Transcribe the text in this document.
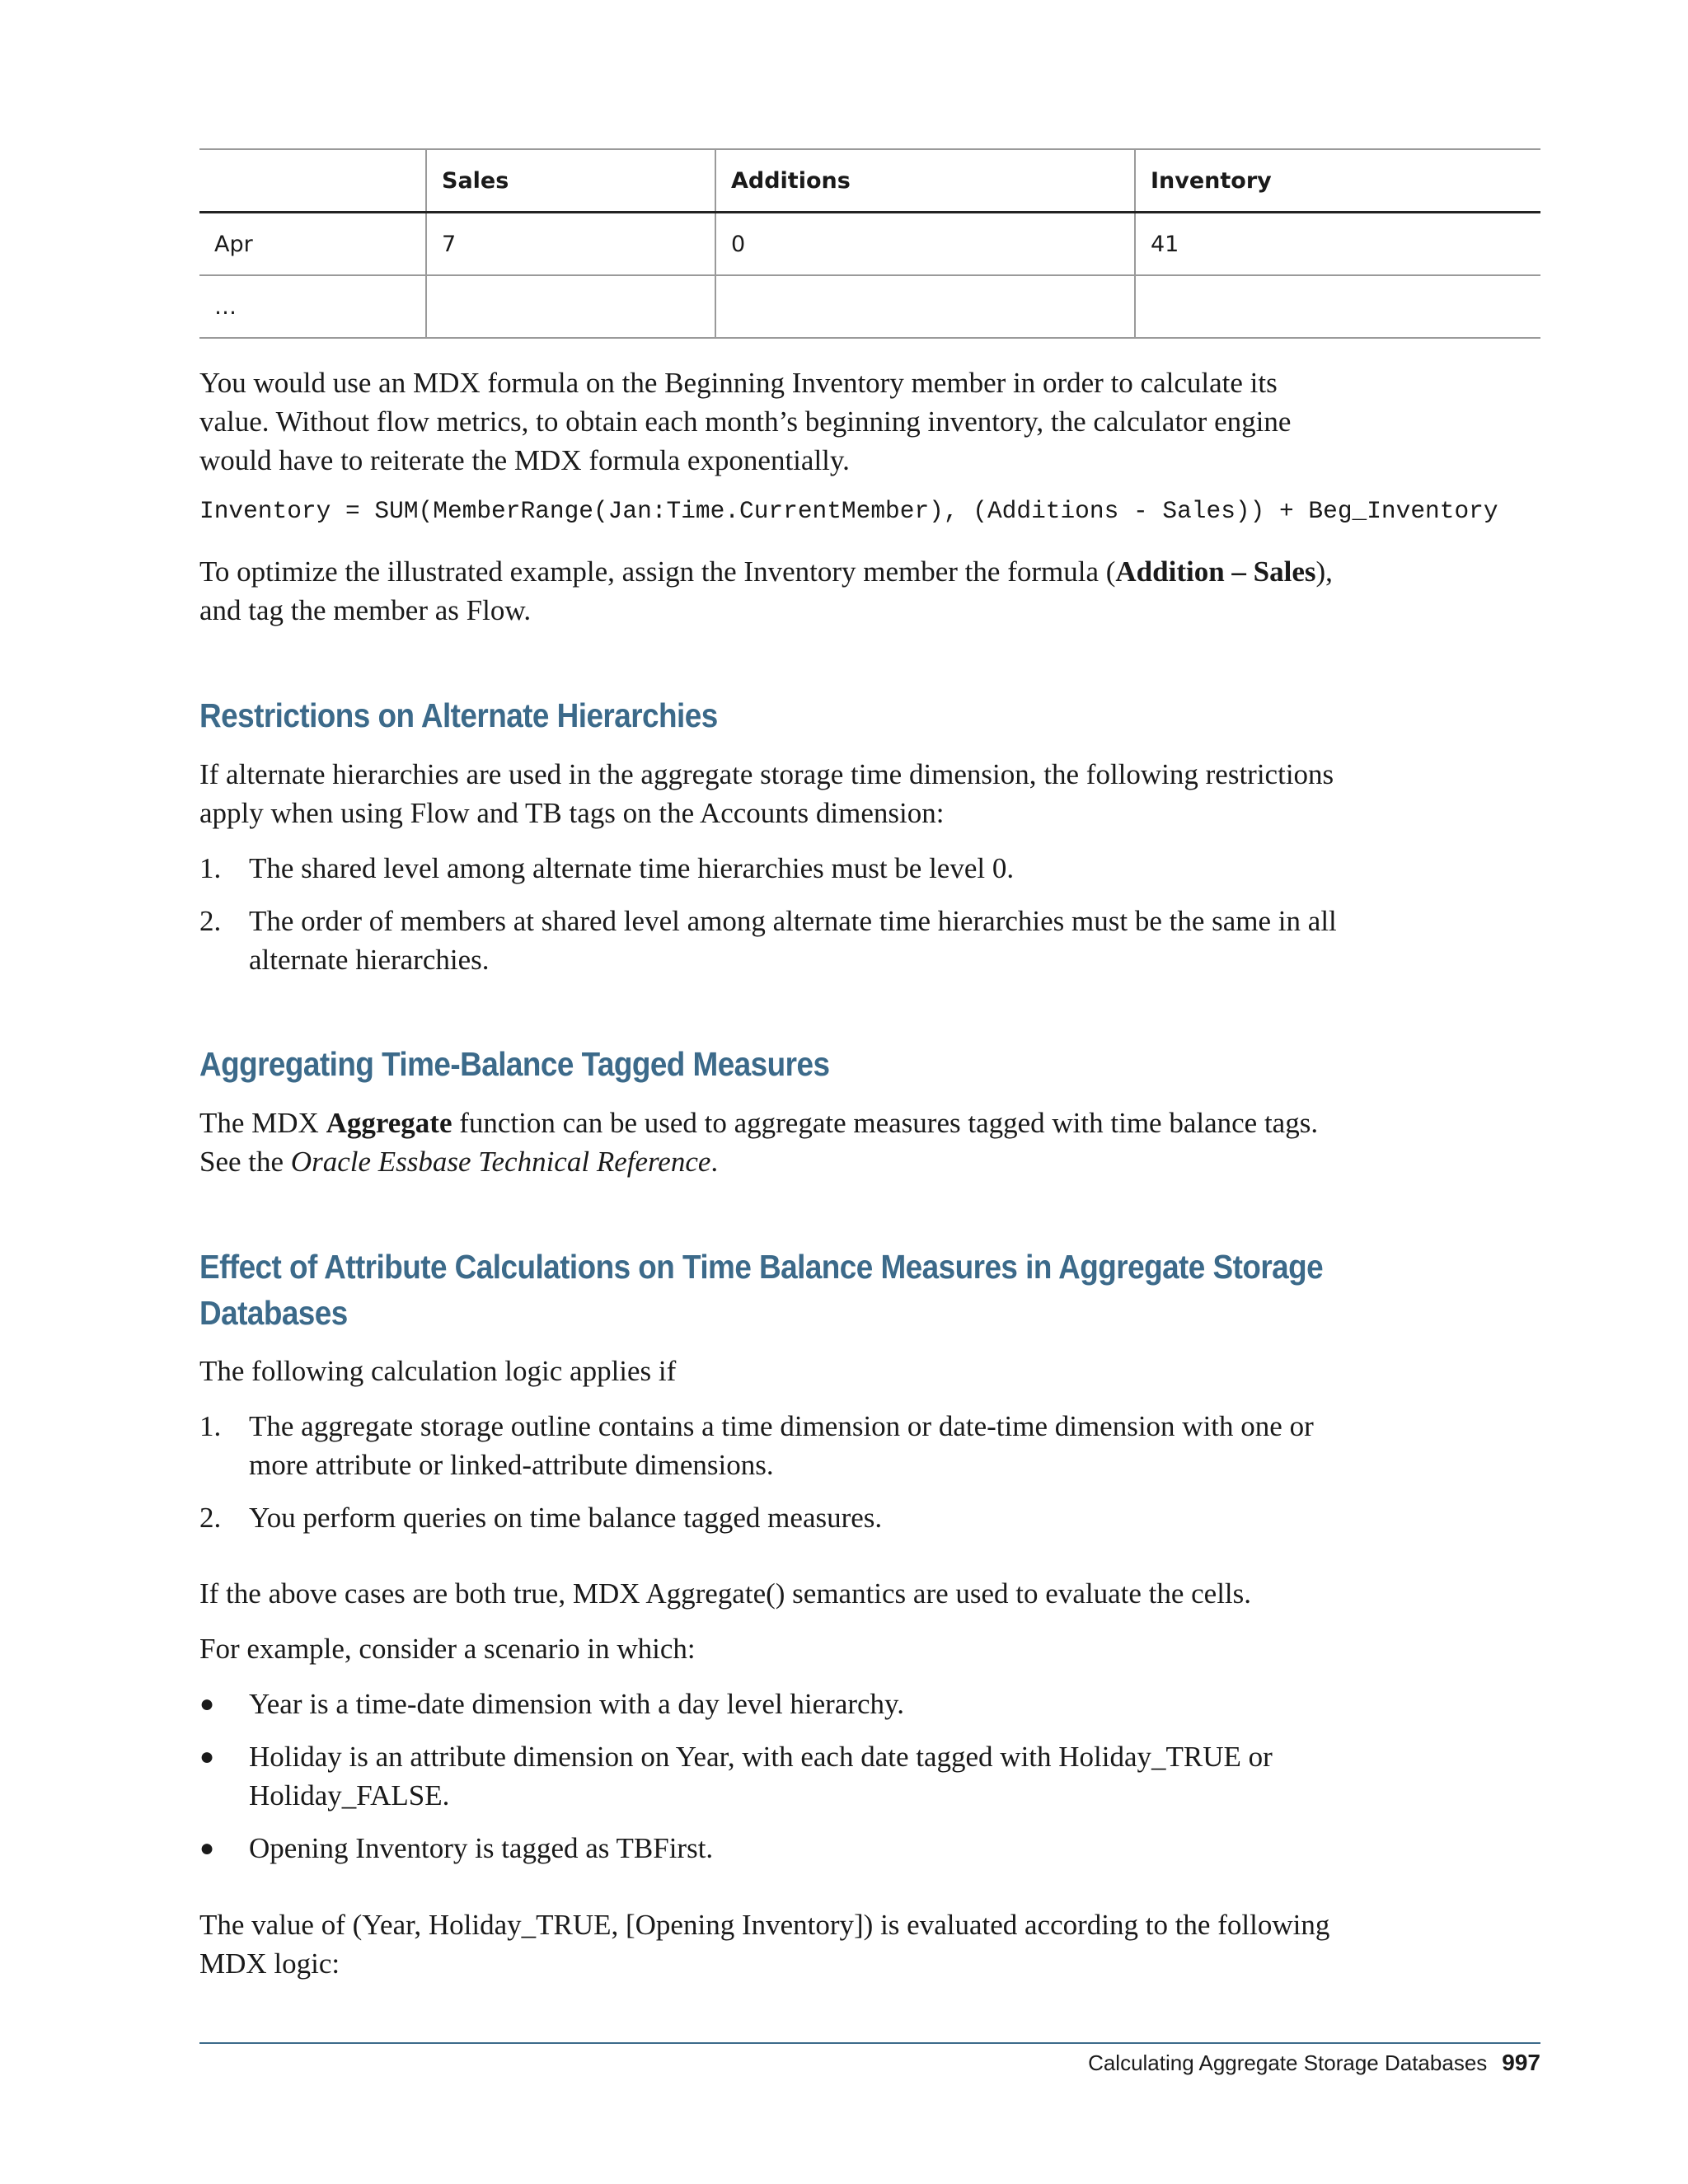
	Sales	Additions	Inventory
Apr	7	0	41
…			

You would use an MDX formula on the Beginning Inventory member in order to calculate its value. Without flow metrics, to obtain each month’s beginning inventory, the calculator engine would have to reiterate the MDX formula exponentially.

Inventory = SUM(MemberRange(Jan:Time.CurrentMember), (Additions - Sales)) + Beg_Inventory

To optimize the illustrated example, assign the Inventory member the formula (Addition – Sales), and tag the member as Flow.

Restrictions on Alternate Hierarchies

If alternate hierarchies are used in the aggregate storage time dimension, the following restrictions apply when using Flow and TB tags on the Accounts dimension:

1. The shared level among alternate time hierarchies must be level 0.
2. The order of members at shared level among alternate time hierarchies must be the same in all alternate hierarchies.
Aggregating Time-Balance Tagged Measures

The MDX Aggregate function can be used to aggregate measures tagged with time balance tags. See the Oracle Essbase Technical Reference.

Effect of Attribute Calculations on Time Balance Measures in Aggregate Storage Databases

The following calculation logic applies if

1. The aggregate storage outline contains a time dimension or date-time dimension with one or more attribute or linked-attribute dimensions.
2. You perform queries on time balance tagged measures.

If the above cases are both true, MDX Aggregate() semantics are used to evaluate the cells.

For example, consider a scenario in which:

● Year is a time-date dimension with a day level hierarchy.
● Holiday is an attribute dimension on Year, with each date tagged with Holiday_TRUE or Holiday_FALSE.
● Opening Inventory is tagged as TBFirst.

The value of (Year, Holiday_TRUE, [Opening Inventory]) is evaluated according to the following MDX logic:

Calculating Aggregate Storage Databases 997
